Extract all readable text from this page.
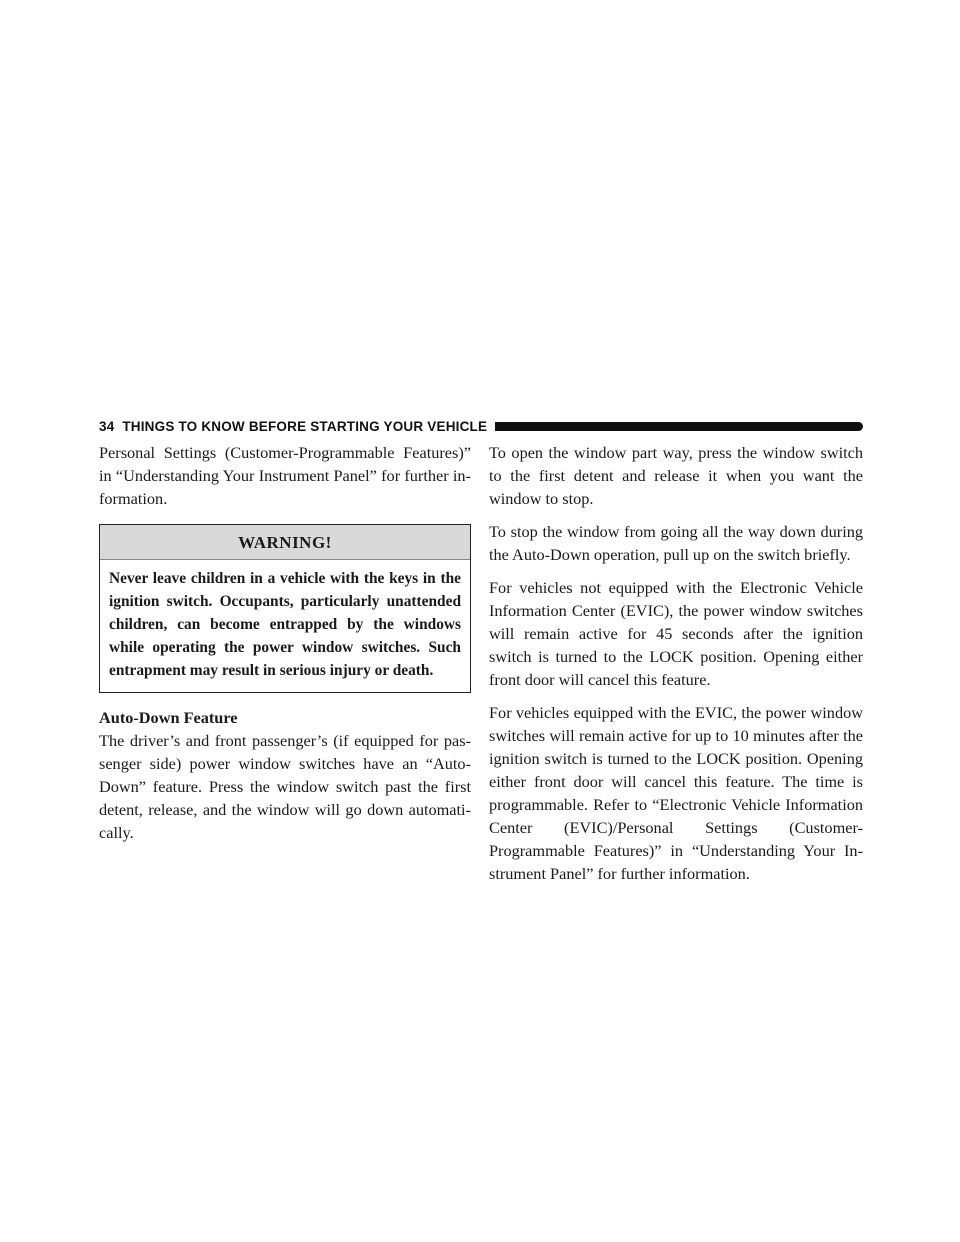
34 THINGS TO KNOW BEFORE STARTING YOUR VEHICLE

Personal Settings (Customer-Programmable Features)” in “Understanding Your Instrument Panel” for further in-formation.

WARNING!
Never leave children in a vehicle with the keys in the ignition switch. Occupants, particularly unattended children, can become entrapped by the windows while operating the power window switches. Such entrapment may result in serious injury or death.
Auto-Down Feature

The driver’s and front passenger’s (if equipped for pas-senger side) power window switches have an “Auto-Down” feature. Press the window switch past the first detent, release, and the window will go down automati-cally.

To open the window part way, press the window switch to the first detent and release it when you want the window to stop.

To stop the window from going all the way down during the Auto-Down operation, pull up on the switch briefly.

For vehicles not equipped with the Electronic Vehicle Information Center (EVIC), the power window switches will remain active for 45 seconds after the ignition switch is turned to the LOCK position. Opening either front door will cancel this feature.

For vehicles equipped with the EVIC, the power window switches will remain active for up to 10 minutes after the ignition switch is turned to the LOCK position. Opening either front door will cancel this feature. The time is programmable. Refer to “Electronic Vehicle Information Center (EVIC)/Personal Settings (Customer-Programmable Features)” in “Understanding Your In-strument Panel” for further information.
